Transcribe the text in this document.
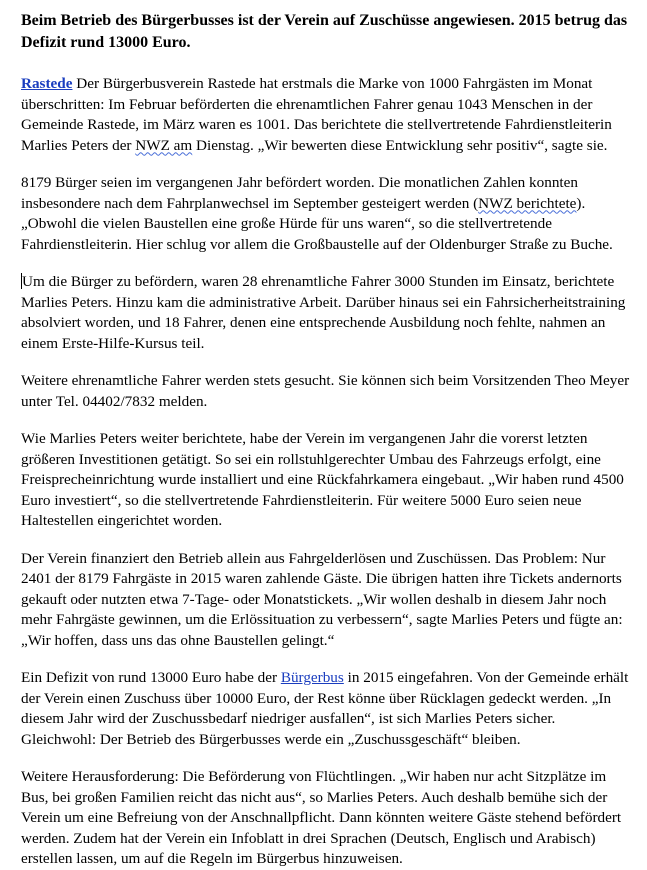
Beim Betrieb des Bürgerbusses ist der Verein auf Zuschüsse angewiesen. 2015 betrug das Defizit rund 13000 Euro.

Rastede Der Bürgerbusverein Rastede hat erstmals die Marke von 1000 Fahrgästen im Monat überschritten: Im Februar beförderten die ehrenamtlichen Fahrer genau 1043 Menschen in der Gemeinde Rastede, im März waren es 1001. Das berichtete die stellvertretende Fahrdienstleiterin Marlies Peters der NWZ am Dienstag. „Wir bewerten diese Entwicklung sehr positiv“, sagte sie.

8179 Bürger seien im vergangenen Jahr befördert worden. Die monatlichen Zahlen konnten insbesondere nach dem Fahrplanwechsel im September gesteigert werden (NWZ berichtete). „Obwohl die vielen Baustellen eine große Hürde für uns waren“, so die stellvertretende Fahrdienstleiterin. Hier schlug vor allem die Großbaustelle auf der Oldenburger Straße zu Buche.

Um die Bürger zu befördern, waren 28 ehrenamtliche Fahrer 3000 Stunden im Einsatz, berichtete Marlies Peters. Hinzu kam die administrative Arbeit. Darüber hinaus sei ein Fahrsicherheitstraining absolviert worden, und 18 Fahrer, denen eine entsprechende Ausbildung noch fehlte, nahmen an einem Erste-Hilfe-Kursus teil.

Weitere ehrenamtliche Fahrer werden stets gesucht. Sie können sich beim Vorsitzenden Theo Meyer unter Tel. 04402/7832 melden.

Wie Marlies Peters weiter berichtete, habe der Verein im vergangenen Jahr die vorerst letzten größeren Investitionen getätigt. So sei ein rollstuhlgerechter Umbau des Fahrzeugs erfolgt, eine Freisprecheinrichtung wurde installiert und eine Rückfahrkamera eingebaut. „Wir haben rund 4500 Euro investiert“, so die stellvertretende Fahrdienstleiterin. Für weitere 5000 Euro seien neue Haltestellen eingerichtet worden.

Der Verein finanziert den Betrieb allein aus Fahrgelderlösen und Zuschüssen. Das Problem: Nur 2401 der 8179 Fahrgäste in 2015 waren zahlende Gäste. Die übrigen hatten ihre Tickets andernorts gekauft oder nutzten etwa 7-Tage- oder Monatstickets. „Wir wollen deshalb in diesem Jahr noch mehr Fahrgäste gewinnen, um die Erlössituation zu verbessern“, sagte Marlies Peters und fügte an: „Wir hoffen, dass uns das ohne Baustellen gelingt.“

Ein Defizit von rund 13000 Euro habe der Bürgerbus in 2015 eingefahren. Von der Gemeinde erhält der Verein einen Zuschuss über 10000 Euro, der Rest könne über Rücklagen gedeckt werden. „In diesem Jahr wird der Zuschussbedarf niedriger ausfallen“, ist sich Marlies Peters sicher. Gleichwohl: Der Betrieb des Bürgerbusses werde ein „Zuschussgeschäft“ bleiben.

Weitere Herausforderung: Die Beförderung von Flüchtlingen. „Wir haben nur acht Sitzplätze im Bus, bei großen Familien reicht das nicht aus“, so Marlies Peters. Auch deshalb bemühe sich der Verein um eine Befreiung von der Anschnallpflicht. Dann könnten weitere Gäste stehend befördert werden. Zudem hat der Verein ein Infoblatt in drei Sprachen (Deutsch, Englisch und Arabisch) erstellen lassen, um auf die Regeln im Bürgerbus hinzuweisen.
